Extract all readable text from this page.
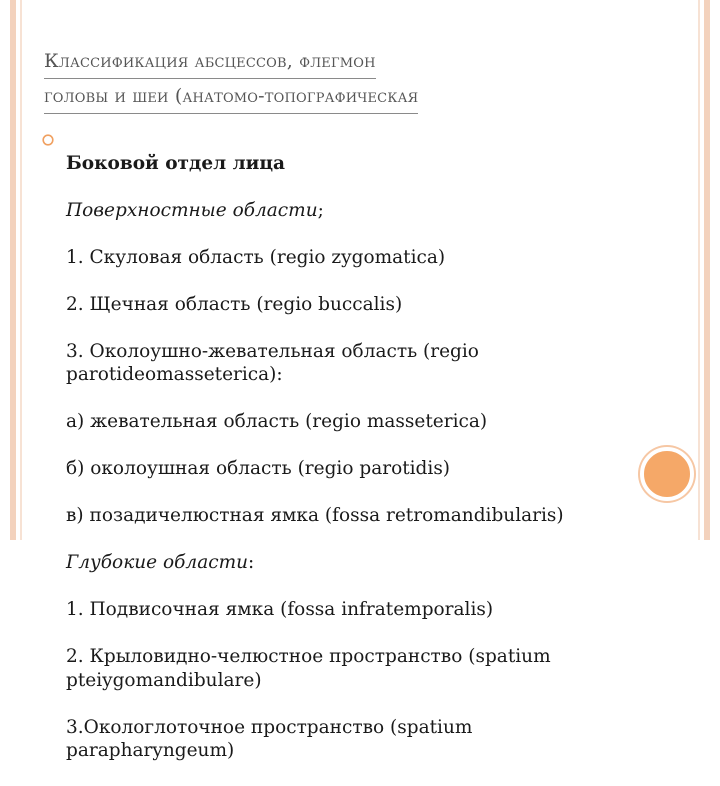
Классификация абсцессов, флегмон
головы и шеи (анатомо-топографическая

Боковой отдел лица

Поверхностные области;

1. Скуловая область (regio zygomatica)

2. Щечная область (regio buccalis)

3. Околоушно-жевательная область (regio parotideomasseterica):

а) жевательная область (regio masseterica)

б) околоушная область (regio parotidis)

в) позадичелюстная ямка (fossa retromandibularis)

Глубокие области:

1. Подвисочная ямка (fossa infratemporalis)

2. Крыловидно-челюстное пространство (spatium pteiygomandibulare)

3.Окологлоточное пространство (spatium parapharyngeum)
